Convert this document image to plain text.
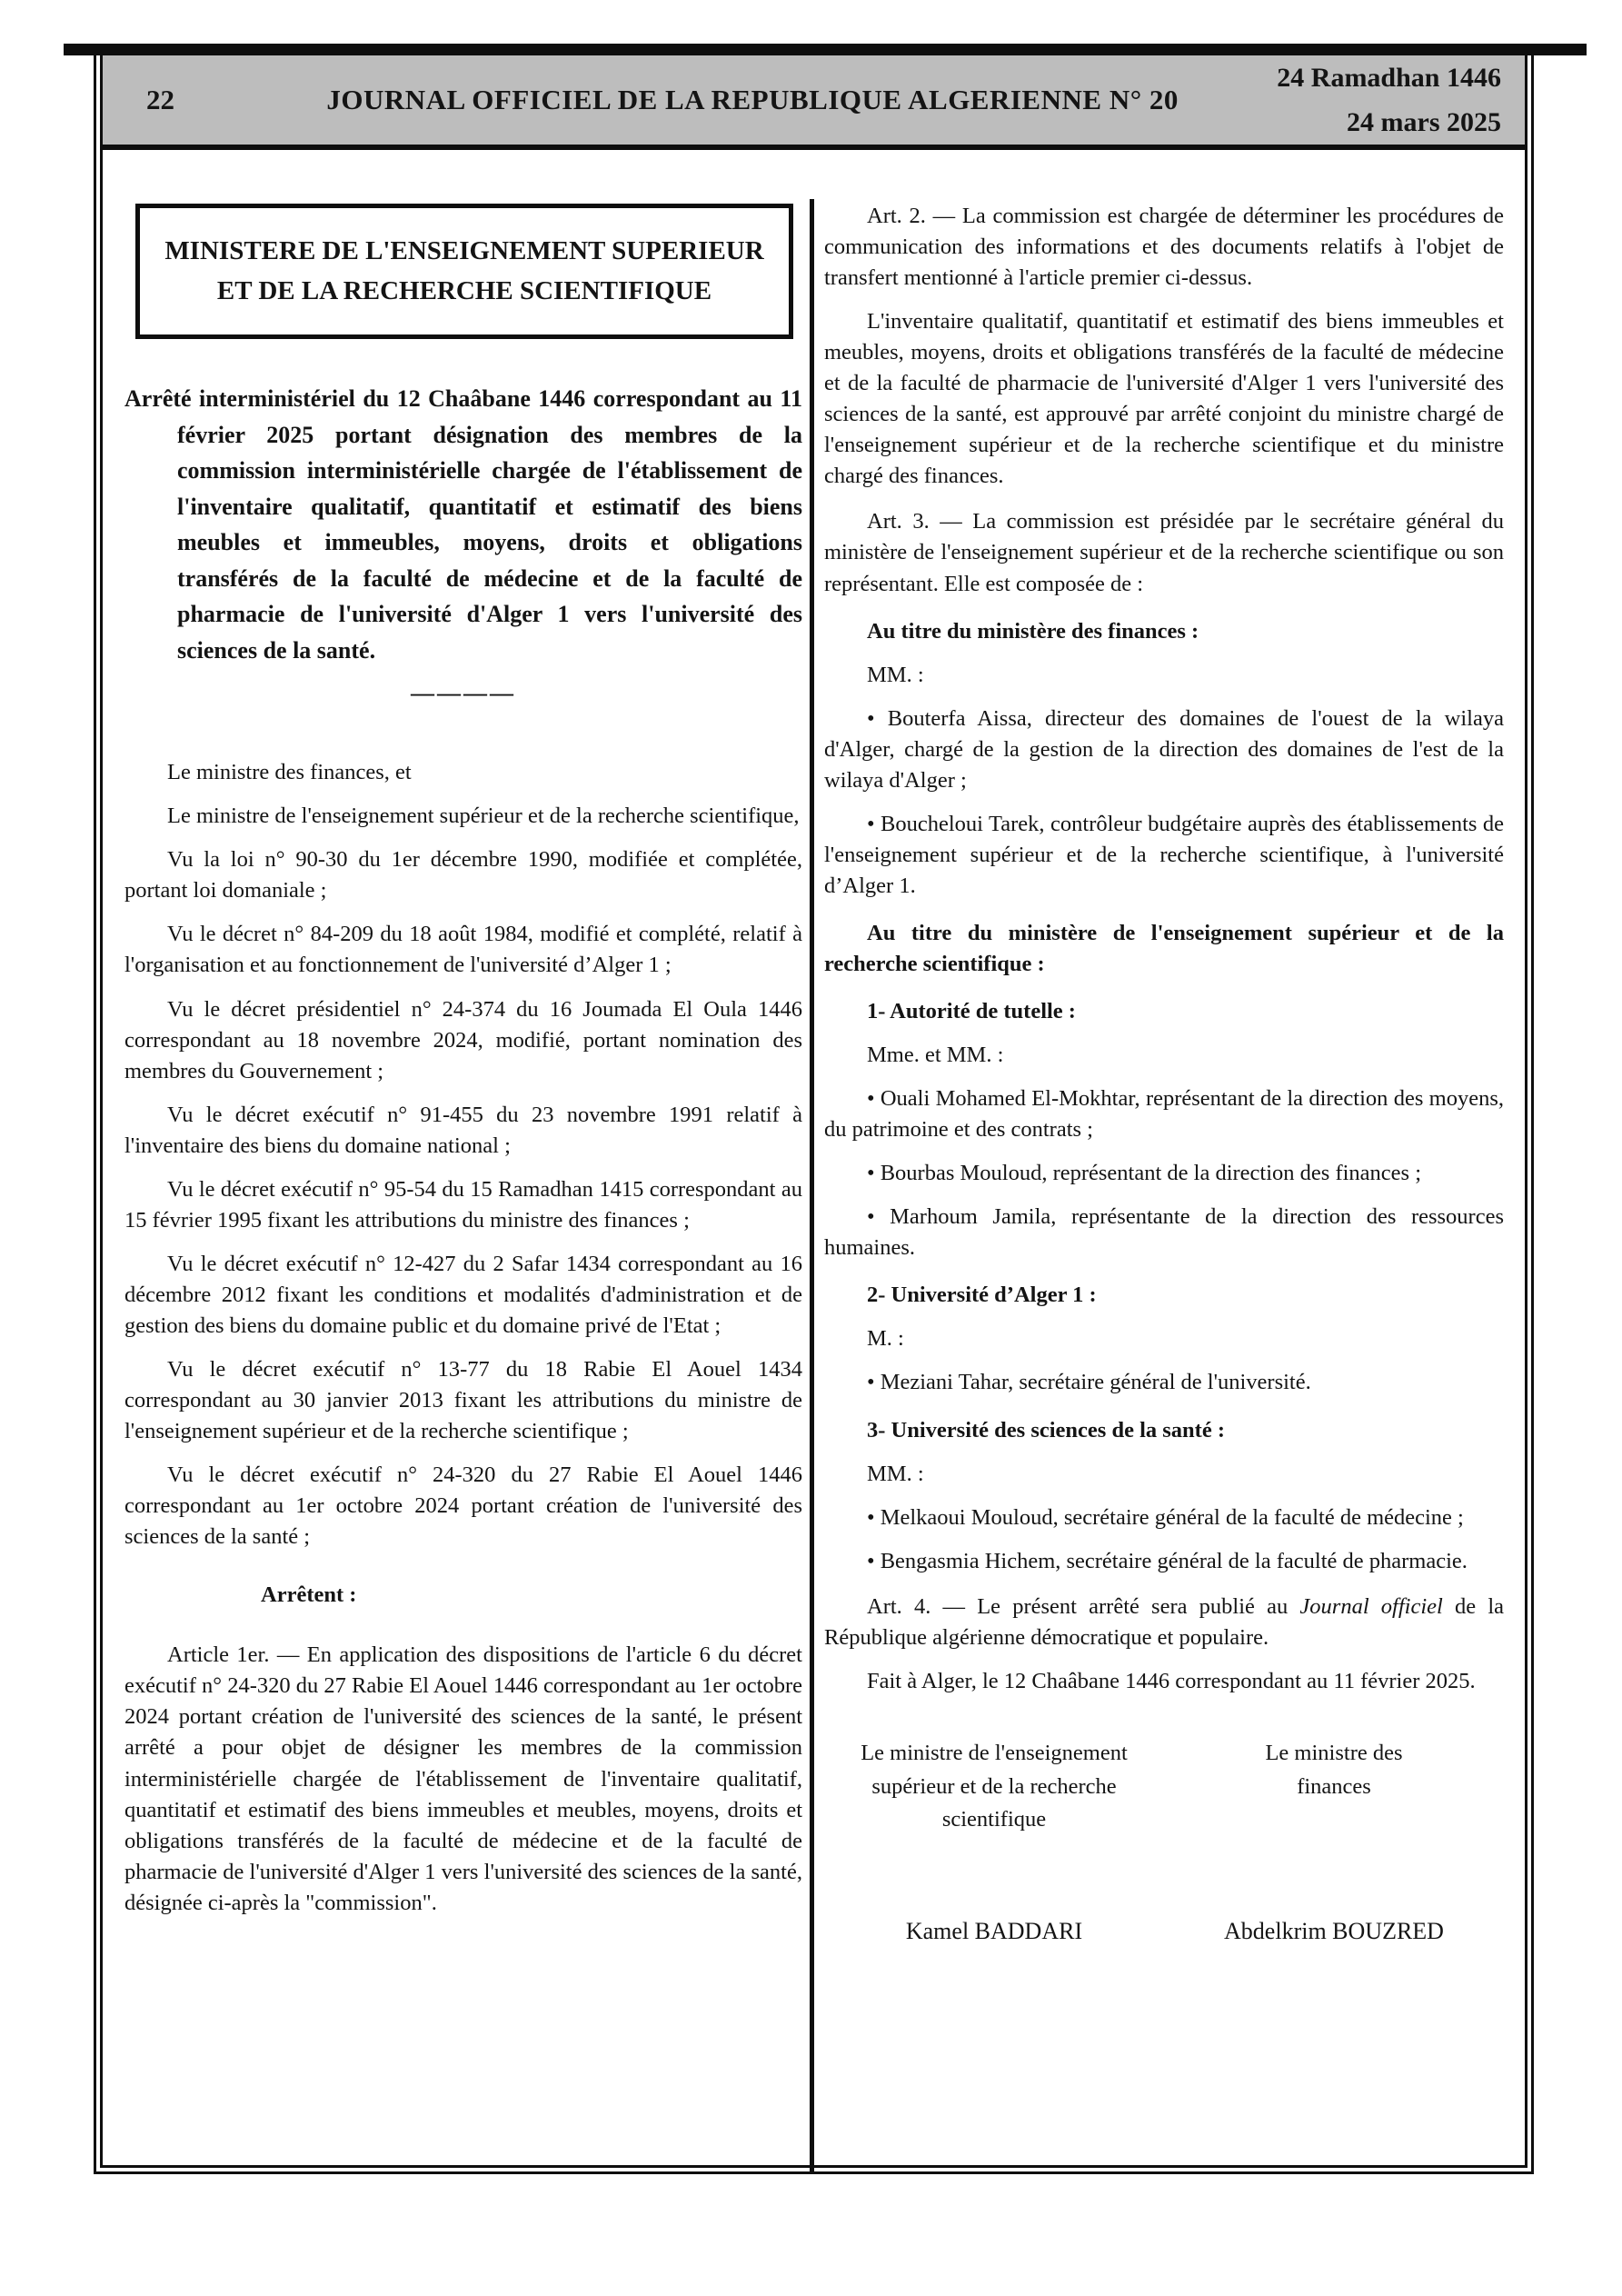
22	JOURNAL OFFICIEL DE LA REPUBLIQUE ALGERIENNE N° 20
24 Ramadhan 1446
24 mars 2025
MINISTERE DE L'ENSEIGNEMENT SUPERIEUR
ET DE LA RECHERCHE SCIENTIFIQUE
Arrêté interministériel du 12 Chaâbane 1446 correspondant au 11 février 2025 portant désignation des membres de la commission interministérielle chargée de l'établissement de l'inventaire qualitatif, quantitatif et estimatif des biens meubles et immeubles, moyens, droits et obligations transférés de la faculté de médecine et de la faculté de pharmacie de l'université d'Alger 1 vers l'université des sciences de la santé.
————

Le ministre des finances, et

Le ministre de l'enseignement supérieur et de la recherche scientifique,

Vu la loi n° 90-30 du 1er décembre 1990, modifiée et complétée, portant loi domaniale ;

Vu le décret n° 84-209 du 18 août 1984, modifié et complété, relatif à l'organisation et au fonctionnement de l'université d’Alger 1 ;

Vu le décret présidentiel n° 24-374 du 16 Joumada El Oula 1446 correspondant au 18 novembre 2024, modifié, portant nomination des membres du Gouvernement ;

Vu le décret exécutif n° 91-455 du 23 novembre 1991 relatif à l'inventaire des biens du domaine national ;

Vu le décret exécutif n° 95-54 du 15 Ramadhan 1415 correspondant au 15 février 1995 fixant les attributions du ministre des finances ;

Vu le décret exécutif n° 12-427 du 2 Safar 1434 correspondant au 16 décembre 2012 fixant les conditions et modalités d'administration et de gestion des biens du domaine public et du domaine privé de l'Etat ;

Vu le décret exécutif n° 13-77 du 18 Rabie El Aouel 1434 correspondant au 30 janvier 2013 fixant les attributions du ministre de l'enseignement supérieur et de la recherche scientifique ;

Vu le décret exécutif n° 24-320 du 27 Rabie El Aouel 1446 correspondant au 1er octobre 2024 portant création de l'université des sciences de la santé ;

Arrêtent :

Article 1er. — En application des dispositions de l'article 6 du décret exécutif n° 24-320 du 27 Rabie El Aouel 1446 correspondant au 1er octobre 2024 portant création de l'université des sciences de la santé, le présent arrêté a pour objet de désigner les membres de la commission interministérielle chargée de l'établissement de l'inventaire qualitatif, quantitatif et estimatif des biens immeubles et meubles, moyens, droits et obligations transférés de la faculté de médecine et de la faculté de pharmacie de l'université d'Alger 1 vers l'université des sciences de la santé, désignée ci-après la "commission".

Art. 2. — La commission est chargée de déterminer les procédures de communication des informations et des documents relatifs à l'objet de transfert mentionné à l'article premier ci-dessus.

L'inventaire qualitatif, quantitatif et estimatif des biens immeubles et meubles, moyens, droits et obligations transférés de la faculté de médecine et de la faculté de pharmacie de l'université d'Alger 1 vers l'université des sciences de la santé, est approuvé par arrêté conjoint du ministre chargé de l'enseignement supérieur et de la recherche scientifique et du ministre chargé des finances.

Art. 3. — La commission est présidée par le secrétaire général du ministère de l'enseignement supérieur et de la recherche scientifique ou son représentant. Elle est composée de :

Au titre du ministère des finances :

MM. :

• Bouterfa Aissa, directeur des domaines de l'ouest de la wilaya d'Alger, chargé de la gestion de la direction des domaines de l'est de la wilaya d'Alger ;

• Boucheloui Tarek, contrôleur budgétaire auprès des établissements de l'enseignement supérieur et de la recherche scientifique, à l'université d’Alger 1.

Au titre du ministère de l'enseignement supérieur et de la recherche scientifique :

1- Autorité de tutelle :

Mme. et MM. :

• Ouali Mohamed El-Mokhtar, représentant de la direction des moyens, du patrimoine et des contrats ;

• Bourbas Mouloud, représentant de la direction des finances ;

• Marhoum Jamila, représentante de la direction des ressources humaines.

2- Université d’Alger 1 :

M. :

• Meziani Tahar, secrétaire général de l'université.

3- Université des sciences de la santé :

MM. :

• Melkaoui Mouloud, secrétaire général de la faculté de médecine ;

• Bengasmia Hichem, secrétaire général de la faculté de pharmacie.

Art. 4. — Le présent arrêté sera publié au Journal officiel de la République algérienne démocratique et populaire.

Fait à Alger, le 12 Chaâbane 1446 correspondant au 11 février 2025.

Le ministre de l'enseignement supérieur et de la recherche scientifique
Le ministre des finances
Kamel BADDARI	Abdelkrim BOUZRED
